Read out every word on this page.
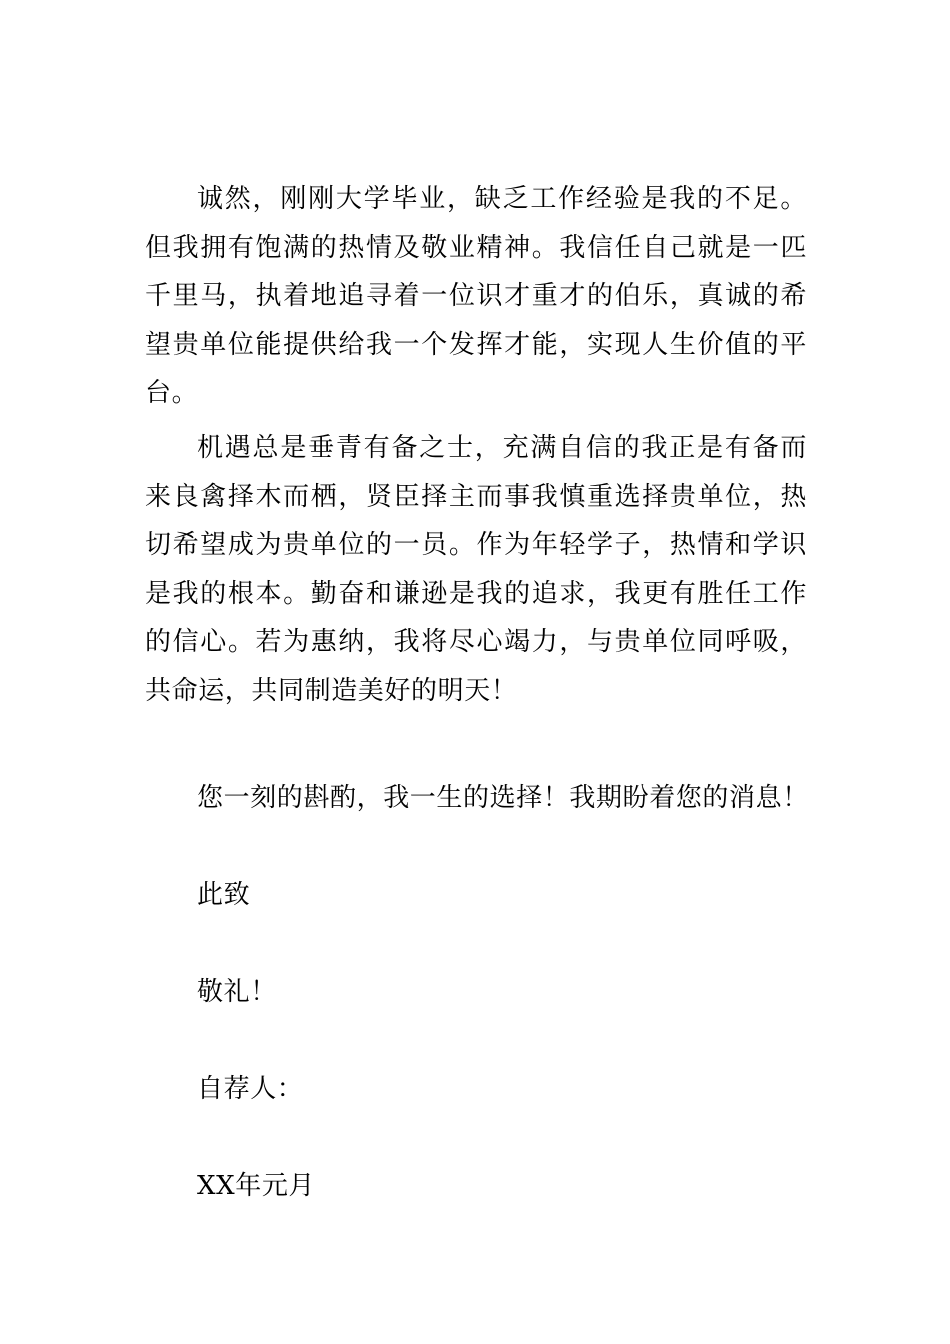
诚然，刚刚大学毕业，缺乏工作经验是我的不足。但我拥有饱满的热情及敬业精神。我信任自己就是一匹千里马，执着地追寻着一位识才重才的伯乐，真诚的希望贵单位能提供给我一个发挥才能，实现人生价值的平台。

机遇总是垂青有备之士，充满自信的我正是有备而来良禽择木而栖，贤臣择主而事我慎重选择贵单位，热切希望成为贵单位的一员。作为年轻学子，热情和学识是我的根本。勤奋和谦逊是我的追求，我更有胜任工作的信心。若为惠纳，我将尽心竭力，与贵单位同呼吸，共命运，共同制造美好的明天！

您一刻的斟酌，我一生的选择！我期盼着您的消息！

此致

敬礼！

自荐人：

XX年元月
